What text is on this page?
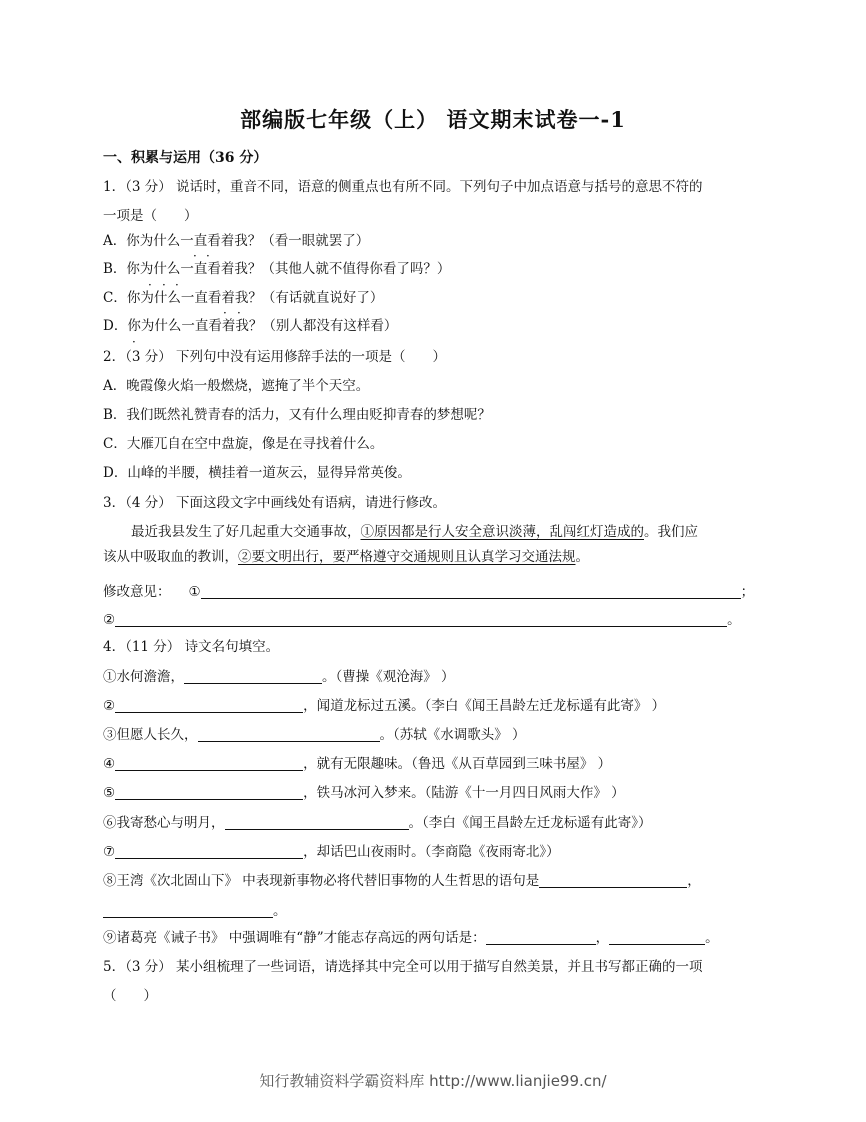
部编版七年级（上） 语文期末试卷一-1
一、积累与运用（36 分）
1．（3 分） 说话时，重音不同，语意的侧重点也有所不同。下列句子中加点语意与括号的意思不符的
一项是（　　）
A．你为什么一直看着我？（看一眼就罢了）
B．你为什么一直看着我？（其他人就不值得你看了吗？）
C．你为什么一直看着我？（有话就直说好了）
D．你为什么一直看着我？（别人都没有这样看）
· ·
· · ·
· ·
·
2．（3 分） 下列句中没有运用修辞手法的一项是（　　）
A．晚霞像火焰一般燃烧，遮掩了半个天空。
B．我们既然礼赞青春的活力，又有什么理由贬抑青春的梦想呢？
C．大雁兀自在空中盘旋，像是在寻找着什么。
D．山峰的半腰，横挂着一道灰云，显得异常英俊。
3．（4 分） 下面这段文字中画线处有语病，请进行修改。
最近我县发生了好几起重大交通事故，①原因都是行人安全意识淡薄，乱闯红灯造成的。我们应
该从中吸取血的教训，②要文明出行，要严格遵守交通规则且认真学习交通法规。
修改意见： ①	；
②	。
4．（11 分） 诗文名句填空。
①水何澹澹，	。（曹操《观沧海》 ）
②	，闻道龙标过五溪。（李白《闻王昌龄左迁龙标遥有此寄》 ）
③但愿人长久，	。（苏轼《水调歌头》 ）
④	，就有无限趣味。（鲁迅《从百草园到三味书屋》 ）
⑤	，铁马冰河入梦来。（陆游《十一月四日风雨大作》 ）
⑥我寄愁心与明月，	。（李白《闻王昌龄左迁龙标遥有此寄》）
⑦	，却话巴山夜雨时。（李商隐《夜雨寄北》）
⑧王湾《次北固山下》 中表现新事物必将代替旧事物的人生哲思的语句是	，
。
⑨诸葛亮《诫子书》 中强调唯有“静”才能志存高远的两句话是：	，	。
5．（3 分） 某小组梳理了一些词语，请选择其中完全可以用于描写自然美景，并且书写都正确的一项
（　　）
知行教辅资料学霸资料库 http://www.lianjie99.cn/
